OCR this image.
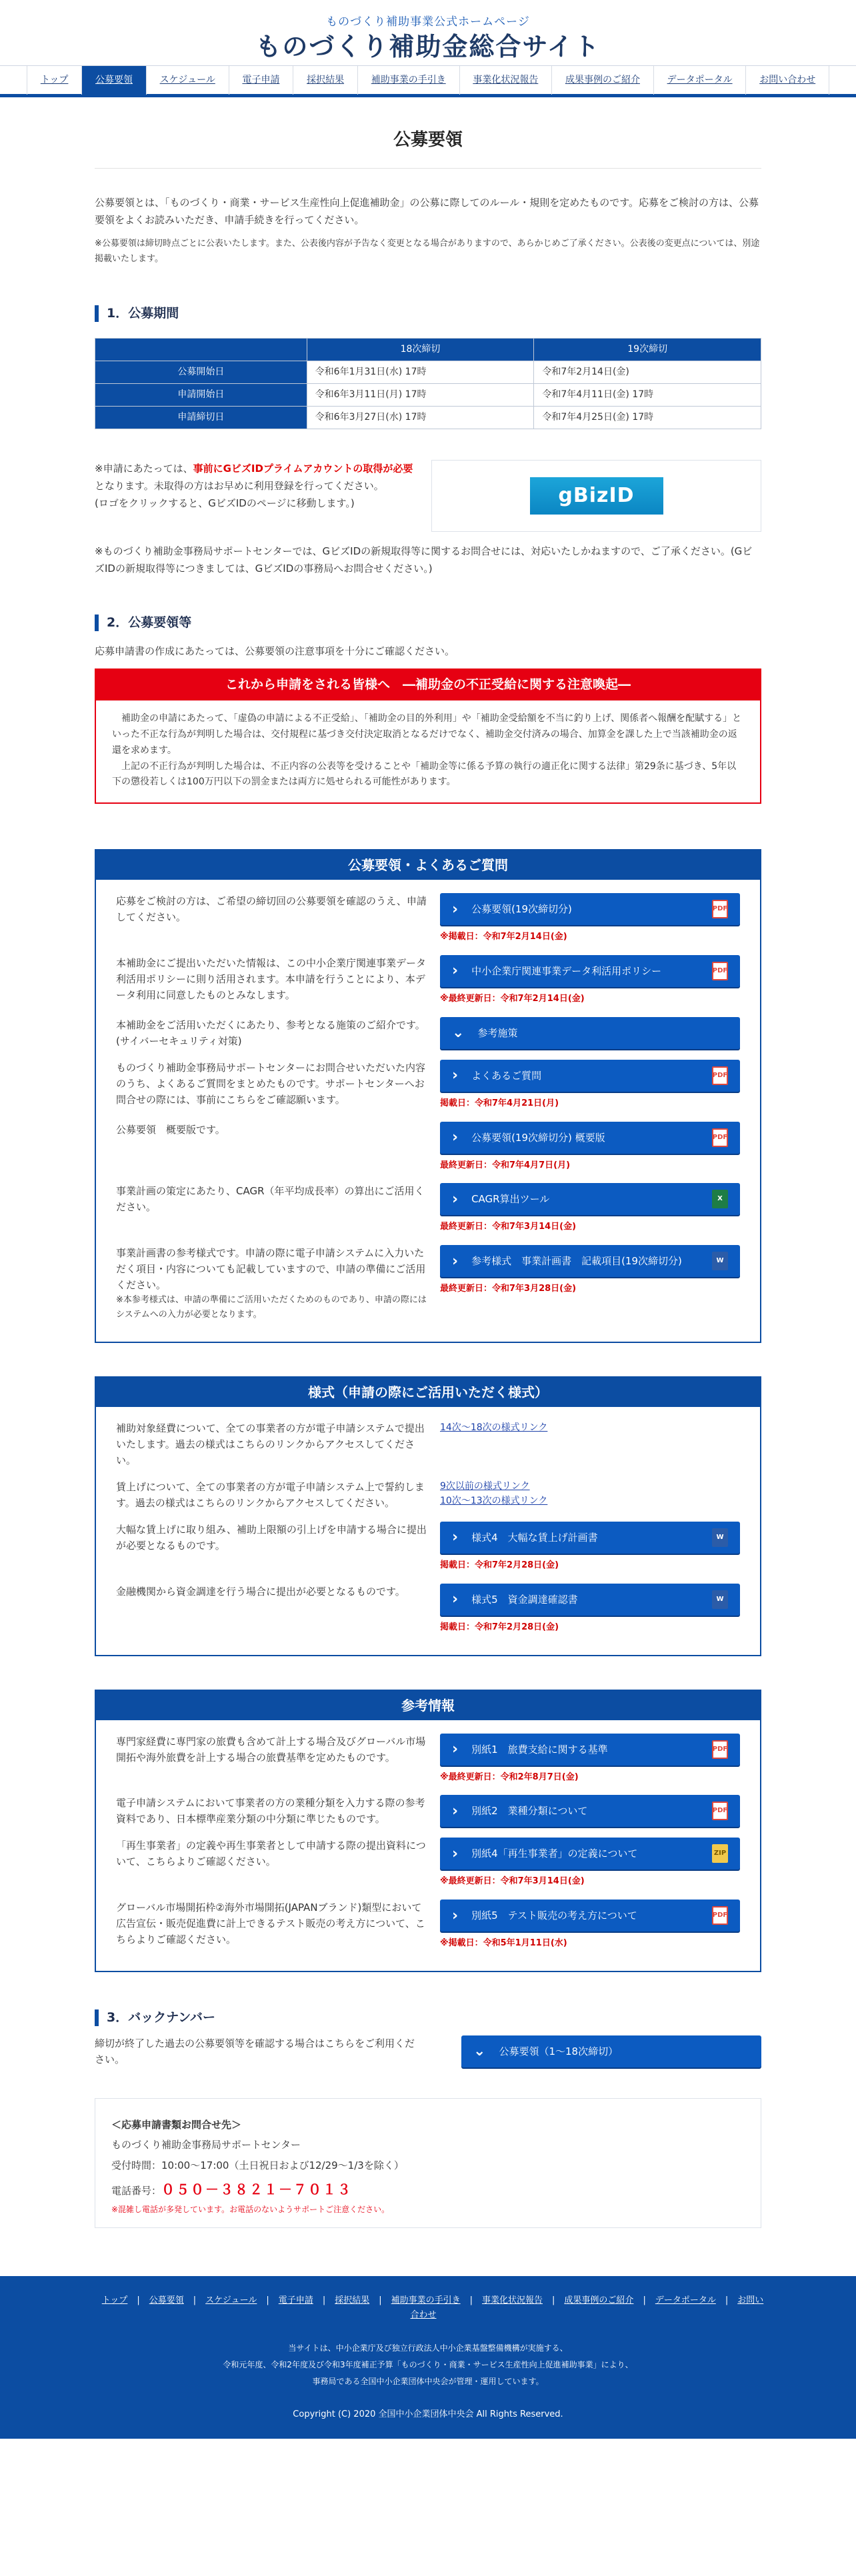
ものづくり補助事業公式ホームページ
ものづくり補助金総合サイト
トップ	公募要領	スケジュール	電子申請	採択結果	補助事業の手引き	事業化状況報告	成果事例のご紹介	データポータル	お問い合わせ
公募要領

公募要領とは、「ものづくり・商業・サービス生産性向上促進補助金」の公募に際してのルール・規則を定めたものです。応募をご検討の方は、公募要領をよくお読みいただき、申請手続きを行ってください。

※公募要領は締切時点ごとに公表いたします。また、公表後内容が予告なく変更となる場合がありますので、あらかじめご了承ください。公表後の変更点については、別途掲載いたします。

1．公募期間
	18次締切	19次締切
公募開始日	令和6年1月31日(水) 17時	令和7年2月14日(金)
申請開始日	令和6年3月11日(月) 17時	令和7年4月11日(金) 17時
申請締切日	令和6年3月27日(水) 17時	令和7年4月25日(金) 17時
※申請にあたっては、事前にGビズIDプライムアカウントの取得が必要となります。未取得の方はお早めに利用登録を行ってください。
(ロゴをクリックすると、GビズIDのページに移動します。)	gBizID

※ものづくり補助金事務局サポートセンターでは、GビズIDの新規取得等に関するお問合せには、対応いたしかねますので、ご了承ください。(GビズIDの新規取得等につきましては、GビズIDの事務局へお問合せください。)

2．公募要領等

応募申請書の作成にあたっては、公募要領の注意事項を十分にご確認ください。

これから申請をされる皆様へ　―補助金の不正受給に関する注意喚起―

　補助金の申請にあたって、「虚偽の申請による不正受給」、「補助金の目的外利用」や「補助金受給額を不当に釣り上げ、関係者へ報酬を配賦する」といった不正な行為が判明した場合は、交付規程に基づき交付決定取消となるだけでなく、補助金交付済みの場合、加算金を課した上で当該補助金の返還を求めます。

　上記の不正行為が判明した場合は、不正内容の公表等を受けることや「補助金等に係る予算の執行の適正化に関する法律」第29条に基づき、5年以下の懲役若しくは100万円以下の罰金または両方に処せられる可能性があります。

公募要領・よくあるご質問
応募をご検討の方は、ご希望の締切回の公募要領を確認のうえ、申請してください。	› 公募要領(19次締切分)	PDF
※掲載日：令和7年2月14日(金)
本補助金にご提出いただいた情報は、この中小企業庁関連事業データ利活用ポリシーに則り活用されます。本申請を行うことにより、本データ利用に同意したものとみなします。
› 中小企業庁関連事業データ利活用ポリシー	PDF
※最終更新日：令和7年2月14日(金)
本補助金をご活用いただくにあたり、参考となる施策のご紹介です。(サイバーセキュリティ対策)	⌄ 参考施策
ものづくり補助金事務局サポートセンターにお問合せいただいた内容のうち、よくあるご質問をまとめたものです。サポートセンターへお問合せの際には、事前にこちらをご確認願います。
› よくあるご質問	PDF
掲載日：令和7年4月21日(月)
公募要領　概要版です。	› 公募要領(19次締切分) 概要版	PDF
最終更新日：令和7年4月7日(月)
事業計画の策定にあたり、CAGR（年平均成長率）の算出にご活用ください。	› CAGR算出ツール	X
最終更新日：令和7年3月14日(金)
事業計画書の参考様式です。申請の際に電子申請システムに入力いただく項目・内容についても記載していますので、申請の準備にご活用ください。
※本参考様式は、申請の準備にご活用いただくためのものであり、申請の際にはシステムへの入力が必要となります。
› 参考様式　事業計画書　記載項目(19次締切分)	W
最終更新日：令和7年3月28日(金)
様式（申請の際にご活用いただく様式）
補助対象経費について、全ての事業者の方が電子申請システムで提出いたします。過去の様式はこちらのリンクからアクセスしてください。
14次～18次の様式リンク
賃上げについて、全ての事業者の方が電子申請システム上で誓約します。過去の様式はこちらのリンクからアクセスしてください。
9次以前の様式リンク
10次～13次の様式リンク
大幅な賃上げに取り組み、補助上限額の引上げを申請する場合に提出が必要となるものです。	› 様式4　大幅な賃上げ計画書	W
掲載日：令和7年2月28日(金)
金融機関から資金調達を行う場合に提出が必要となるものです。	› 様式5　資金調達確認書	W
掲載日：令和7年2月28日(金)
参考情報
専門家経費に専門家の旅費も含めて計上する場合及びグローバル市場開拓や海外旅費を計上する場合の旅費基準を定めたものです。	› 別紙1　旅費支給に関する基準	PDF
※最終更新日：令和2年8月7日(金)
電子申請システムにおいて事業者の方の業種分類を入力する際の参考資料であり、日本標準産業分類の中分類に準じたものです。	› 別紙2　業種分類について	PDF
「再生事業者」の定義や再生事業者として申請する際の提出資料について、こちらよりご確認ください。	› 別紙4「再生事業者」の定義について	ZIP
※最終更新日：令和7年3月14日(金)
グローバル市場開拓枠②海外市場開拓(JAPANブランド)類型において広告宣伝・販売促進費に計上できるテスト販売の考え方について、こちらよりご確認ください。
› 別紙5　テスト販売の考え方について	PDF
※掲載日：令和5年1月11日(水)
3．バックナンバー

締切が終了した過去の公募要領等を確認する場合はこちらをご利用ください。	⌄ 公募要領（1～18次締切）
＜応募申請書類お問合せ先＞
ものづくり補助金事務局サポートセンター
受付時間：10:00～17:00（土日祝日および12/29～1/3を除く）
電話番号：０５０－３８２１－７０１３
※混雑し電話が多発しています。お電話のないようサポートご注意ください。
トップ | 公募要領 | スケジュール | 電子申請 | 採択結果 | 補助事業の手引き | 事業化状況報告 | 成果事例のご紹介 | データポータル | お問い合わせ
当サイトは、中小企業庁及び独立行政法人中小企業基盤整備機構が実施する、
令和元年度、令和2年度及び令和3年度補正予算「ものづくり・商業・サービス生産性向上促進補助事業」により、
事務局である全国中小企業団体中央会が管理・運用しています。
Copyright (C) 2020 全国中小企業団体中央会 All Rights Reserved.
